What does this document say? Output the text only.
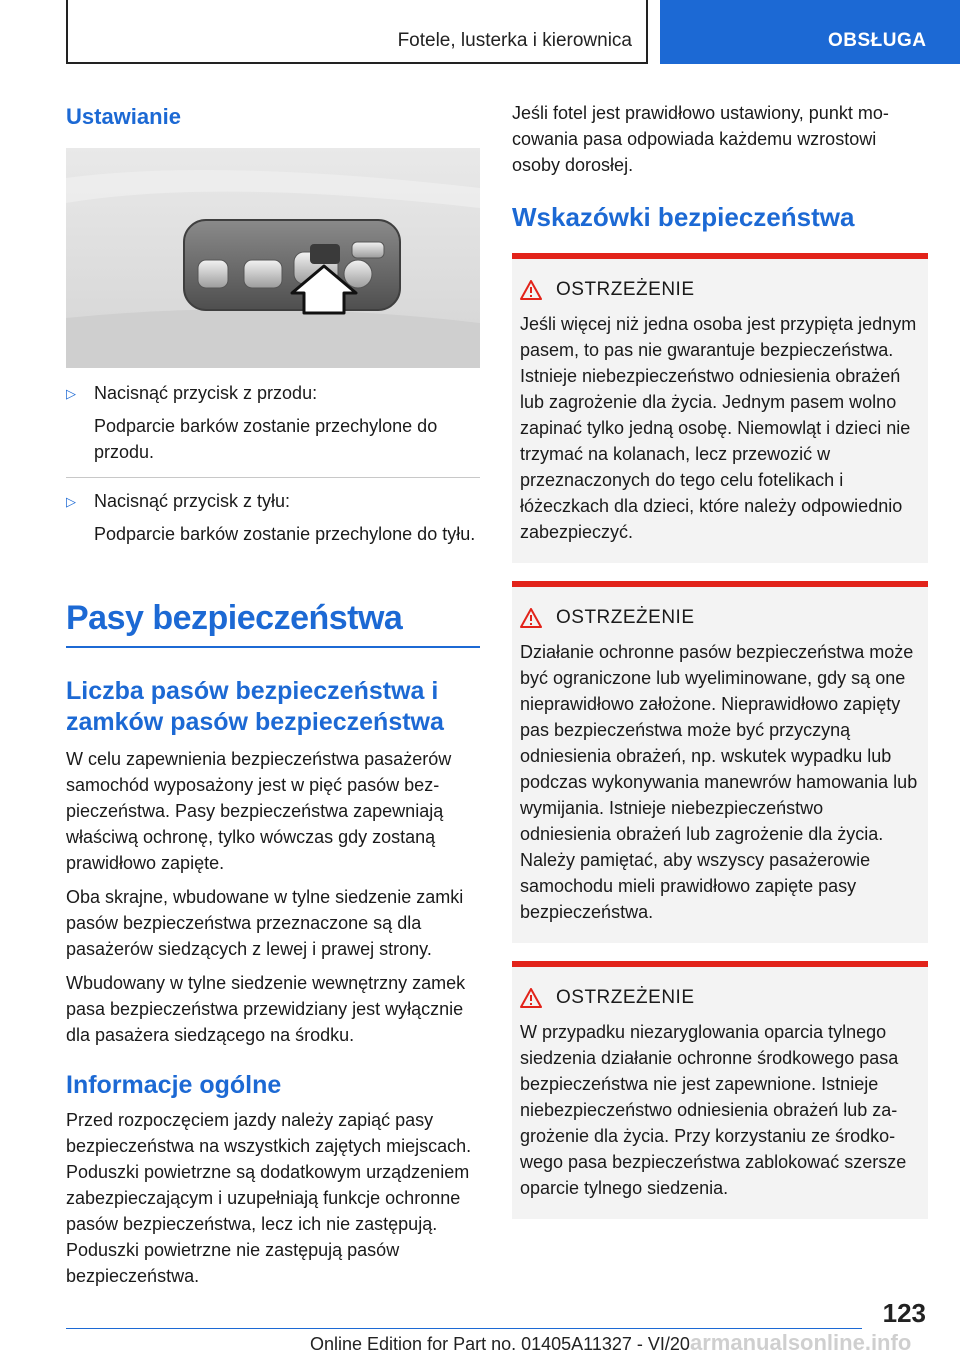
Fotele, lusterka i kierownica	OBSŁUGA
Ustawianie
▷	Nacisnąć przycisk z przodu:
Podparcie barków zostanie przechylone do przodu.
▷	Nacisnąć przycisk z tyłu:
Podparcie barków zostanie przechylone do tyłu.
Pasy bezpieczeństwa
Liczba pasów bezpieczeństwa i zamków pasów bezpieczeństwa

W celu zapewnienia bezpieczeństwa pasażerów samochód wyposażony jest w pięć pasów bezpieczeństwa. Pasy bezpieczeństwa zapewniają właściwą ochronę, tylko wówczas gdy zostaną prawidłowo zapięte.

Oba skrajne, wbudowane w tylne siedzenie zamki pasów bezpieczeństwa przeznaczone są dla pasażerów siedzących z lewej i prawej strony.

Wbudowany w tylne siedzenie wewnętrzny zamek pasa bezpieczeństwa przewidziany jest wyłącznie dla pasażera siedzącego na środku.

Informacje ogólne

Przed rozpoczęciem jazdy należy zapiąć pasy bezpieczeństwa na wszystkich zajętych miejscach. Poduszki powietrzne są dodatkowym urządzeniem zabezpieczającym i uzupełniają funkcje ochronne pasów bezpieczeństwa, lecz ich nie zastępują. Poduszki powietrzne nie zastępują pasów bezpieczeństwa.

Jeśli fotel jest prawidłowo ustawiony, punkt mocowania pasa odpowiada każdemu wzrostowi osoby dorosłej.

Wskazówki bezpieczeństwa
OSTRZEŻENIE

Jeśli więcej niż jedna osoba jest przypięta jednym pasem, to pas nie gwarantuje bezpieczeństwa. Istnieje niebezpieczeństwo odniesienia obrażeń lub zagrożenie dla życia. Jednym pasem wolno zapinać tylko jedną osobę. Niemowląt i dzieci nie trzymać na kolanach, lecz przewozić w przeznaczonych do tego celu fotelikach i łóżeczkach dla dzieci, które należy odpowiednio zabezpieczyć.

OSTRZEŻENIE

Działanie ochronne pasów bezpieczeństwa może być ograniczone lub wyeliminowane, gdy są one nieprawidłowo założone. Nieprawidłowo zapięty pas bezpieczeństwa może być przyczyną odniesienia obrażeń, np. wskutek wypadku lub podczas wykonywania manewrów hamowania lub wymijania. Istnieje niebezpieczeństwo odniesienia obrażeń lub zagrożenie dla życia. Należy pamiętać, aby wszyscy pasażerowie samochodu mieli prawidłowo zapięte pasy bezpieczeństwa.

OSTRZEŻENIE

W przypadku niezaryglowania oparcia tylnego siedzenia działanie ochronne środkowego pasa bezpieczeństwa nie jest zapewnione. Istnieje niebezpieczeństwo odniesienia obrażeń lub zagrożenie dla życia. Przy korzystaniu ze środkowego pasa bezpieczeństwa zablokować szersze oparcie tylnego siedzenia.

123
armanualsonline.info
Online Edition for Part no. 01405A11327 - VI/20
